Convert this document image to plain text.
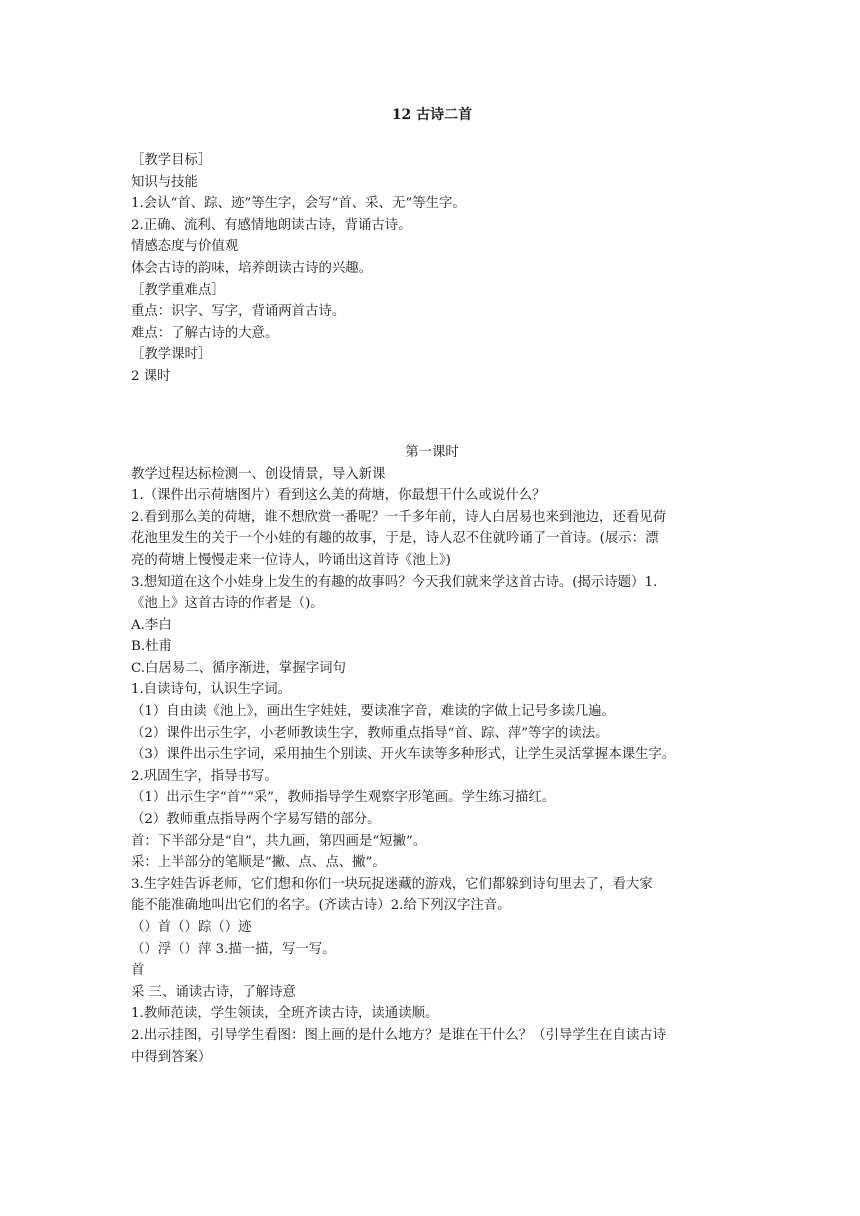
12 古诗二首
［教学目标］
知识与技能
1.会认“首、踪、迹”等生字，会写“首、采、无”等生字。
2.正确、流利、有感情地朗读古诗，背诵古诗。
情感态度与价值观
体会古诗的韵味，培养朗读古诗的兴趣。
［教学重难点］
重点：识字、写字，背诵两首古诗。
难点：了解古诗的大意。
［教学课时］
2 课时
第一课时
教学过程达标检测一、创设情景，导入新课
1.（课件出示荷塘图片）看到这么美的荷塘，你最想干什么或说什么？
2.看到那么美的荷塘，谁不想欣赏一番呢？一千多年前，诗人白居易也来到池边，还看见荷
花池里发生的关于一个小娃的有趣的故事，于是，诗人忍不住就吟诵了一首诗。(展示：漂
亮的荷塘上慢慢走来一位诗人，吟诵出这首诗《池上》)
3.想知道在这个小娃身上发生的有趣的故事吗？今天我们就来学这首古诗。(揭示诗题）1.
《池上》这首古诗的作者是（)。
A.李白
B.杜甫
C.白居易二、循序渐进，掌握字词句
1.自读诗句，认识生字词。
（1）自由读《池上》，画出生字娃娃，要读准字音，难读的字做上记号多读几遍。
（2）课件出示生字，小老师教读生字，教师重点指导“首、踪、萍”等字的读法。
（3）课件出示生字词，采用抽生个别读、开火车读等多种形式，让学生灵活掌握本课生字。
2.巩固生字，指导书写。
（1）出示生字“首”“采”，教师指导学生观察字形笔画。学生练习描红。
（2）教师重点指导两个字易写错的部分。
首：下半部分是“自”，共九画，第四画是“短撇”。
采：上半部分的笔顺是“撇、点、点、撇”。
3.生字娃告诉老师，它们想和你们一块玩捉迷藏的游戏，它们都躲到诗句里去了，看大家
能不能准确地叫出它们的名字。(齐读古诗）2.给下列汉字注音。
（）首（）踪（）迹
（）浮（）萍 3.描一描，写一写。
首
采 三、诵读古诗，了解诗意
1.教师范读，学生领读，全班齐读古诗，读通读顺。
2.出示挂图，引导学生看图：图上画的是什么地方？是谁在干什么？（引导学生在自读古诗
中得到答案）
